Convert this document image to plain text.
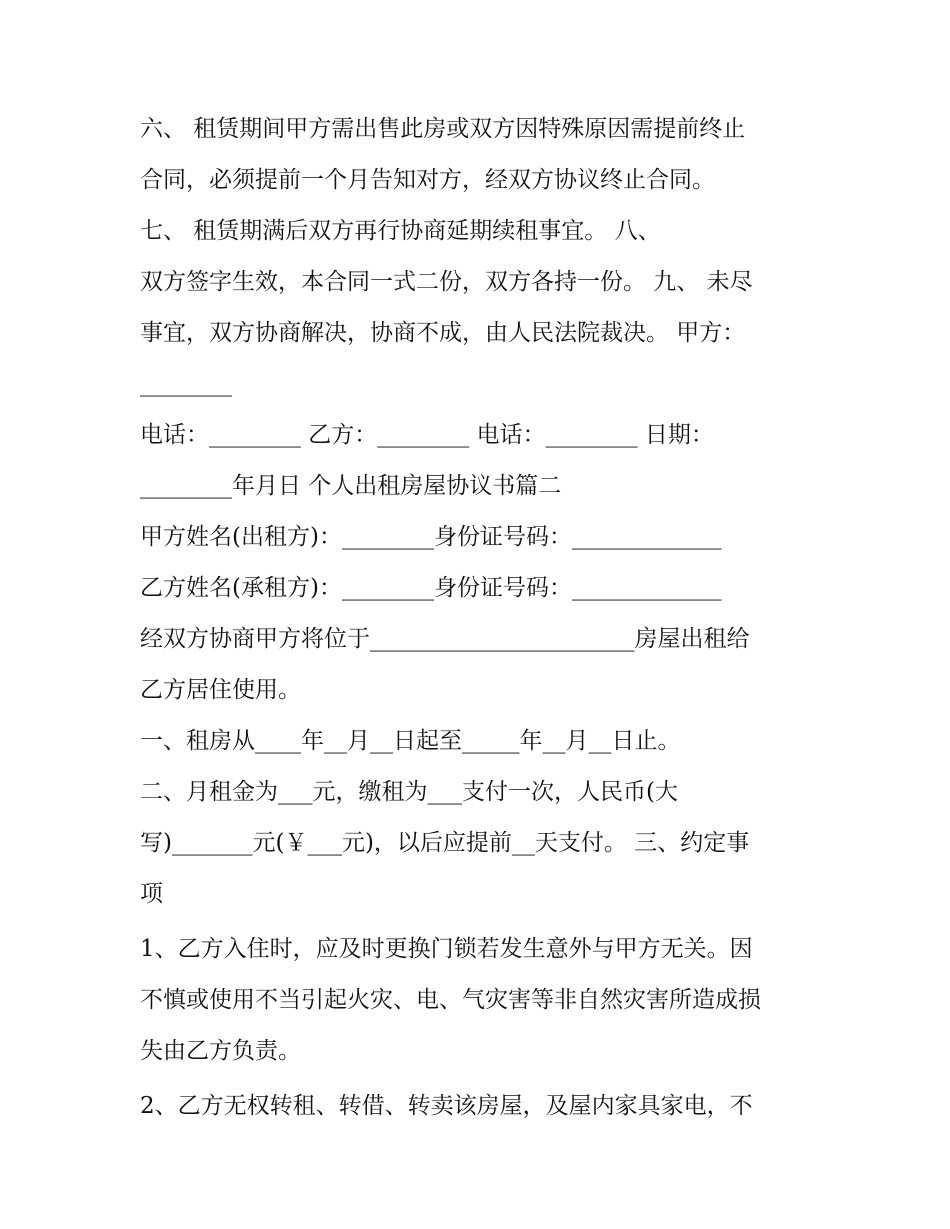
六、 租赁期间甲方需出售此房或双方因特殊原因需提前终止

合同，必须提前一个月告知对方，经双方协议终止合同。

七、 租赁期满后双方再行协商延期续租事宜。 八、

双方签字生效，本合同一式二份，双方各持一份。 九、 未尽

事宜，双方协商解决，协商不成，由人民法院裁决。 甲方：

________

电话：________ 乙方：________ 电话：________ 日期：

________年月日 个人出租房屋协议书篇二

甲方姓名(出租方)：________身份证号码：_____________

乙方姓名(承租方)：________身份证号码：_____________

经双方协商甲方将位于_______________________房屋出租给

乙方居住使用。

一、租房从____年__月__日起至_____年__月__日止。

二、月租金为___元，缴租为___支付一次，人民币(大

写)_______元(￥___元)，以后应提前__天支付。 三、约定事

项

1、乙方入住时，应及时更换门锁若发生意外与甲方无关。因

不慎或使用不当引起火灾、电、气灾害等非自然灾害所造成损

失由乙方负责。

2、乙方无权转租、转借、转卖该房屋，及屋内家具家电，不
